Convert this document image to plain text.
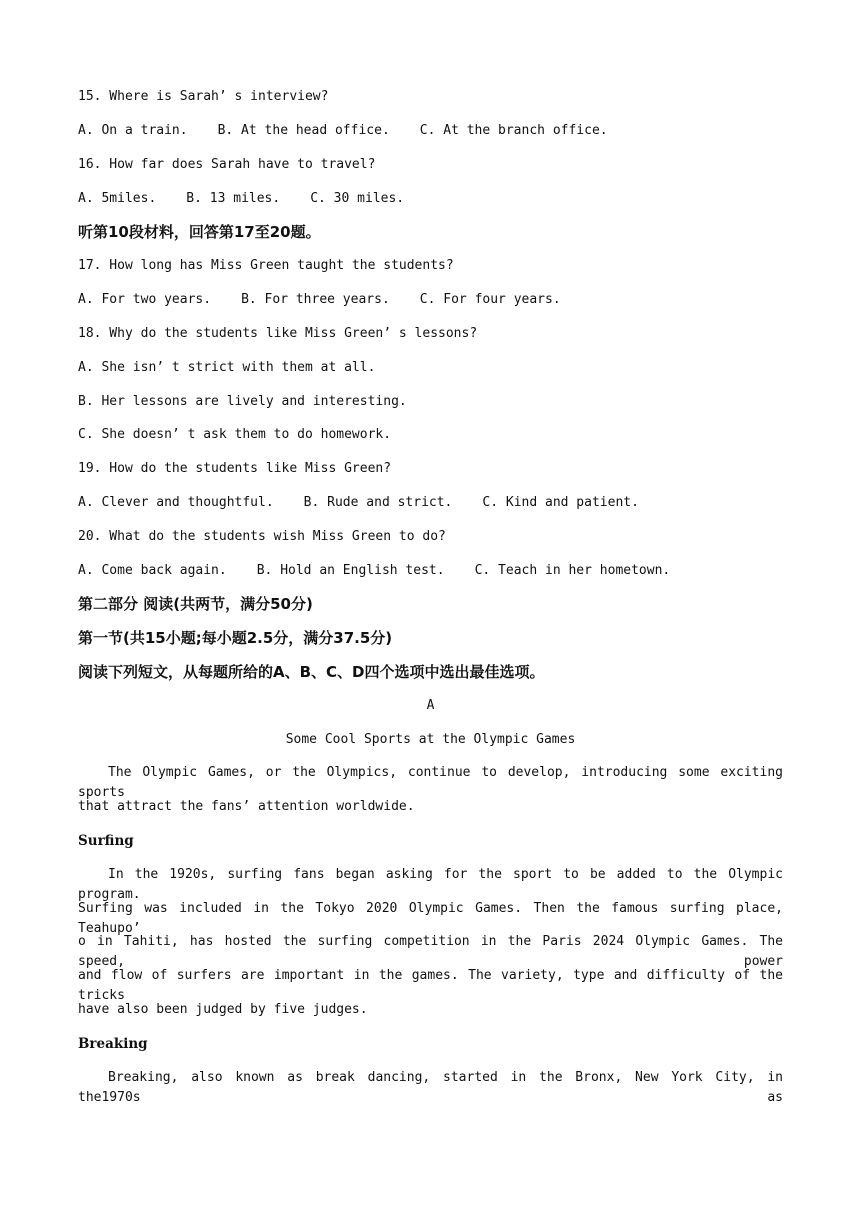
15. Where is Sarah’ s interview?
A. On a train. B. At the head office. C. At the branch office.
16. How far does Sarah have to travel?
A. 5miles. B. 13 miles. C. 30 miles.
听第10段材料，回答第17至20题。
17. How long has Miss Green taught the students?
A. For two years. B. For three years. C. For four years.
18. Why do the students like Miss Green’ s lessons?
A. She isn’ t strict with them at all.
B. Her lessons are lively and interesting.
C. She doesn’ t ask them to do homework.
19. How do the students like Miss Green?
A. Clever and thoughtful. B. Rude and strict. C. Kind and patient.
20. What do the students wish Miss Green to do?
A. Come back again. B. Hold an English test. C. Teach in her hometown.
第二部分 阅读(共两节，满分50分)
第一节(共15小题;每小题2.5分，满分37.5分)
阅读下列短文，从每题所给的A、B、C、D四个选项中选出最佳选项。
A
Some Cool Sports at the Olympic Games
The Olympic Games, or the Olympics, continue to develop, introducing some exciting sports
that attract the fans’ attention worldwide.
Surfing
In the 1920s, surfing fans began asking for the sport to be added to the Olympic program.
Surfing was included in the Tokyo 2020 Olympic Games. Then the famous surfing place, Teahupo’
o in Tahiti, has hosted the surfing competition in the Paris 2024 Olympic Games. The speed, power
and flow of surfers are important in the games. The variety, type and difficulty of the tricks
have also been judged by five judges.
Breaking
Breaking, also known as break dancing, started in the Bronx, New York City, in the1970s as
